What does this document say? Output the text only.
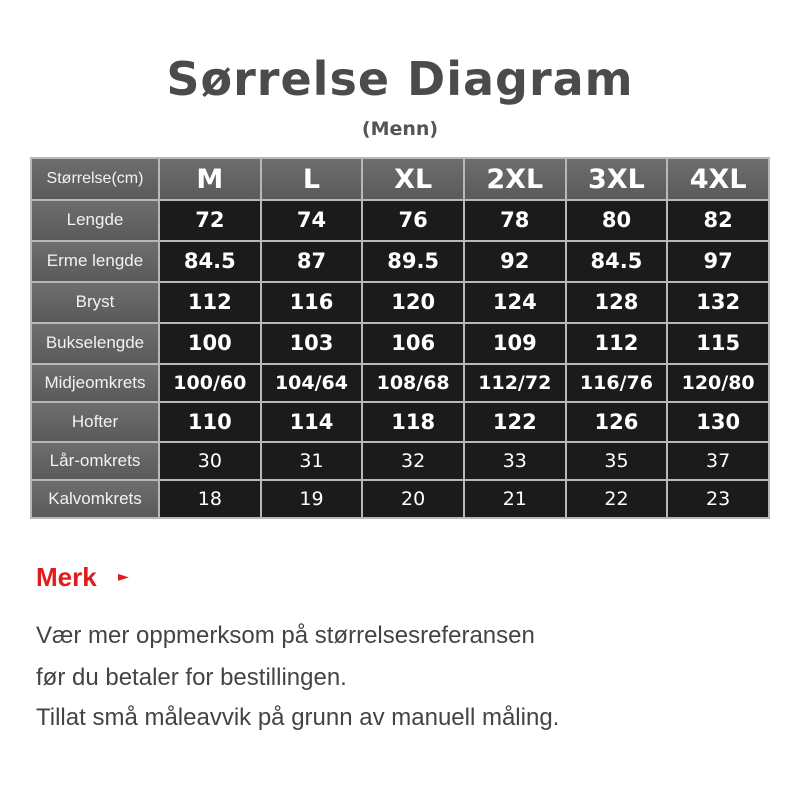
Sørrelse Diagram
(Menn)
Størrelse(cm)	M	L	XL	2XL	3XL	4XL
Lengde	72	74	76	78	80	82
Erme lengde	84.5	87	89.5	92	84.5	97
Bryst	112	116	120	124	128	132
Bukselengde	100	103	106	109	112	115
Midjeomkrets	100/60	104/64	108/68	112/72	116/76	120/80
Hofter	110	114	118	122	126	130
Lår-omkrets	30	31	32	33	35	37
Kalvomkrets	18	19	20	21	22	23
Merk ►
Vær mer oppmerksom på størrelsesreferansen
før du betaler for bestillingen.
Tillat små måleavvik på grunn av manuell måling.
